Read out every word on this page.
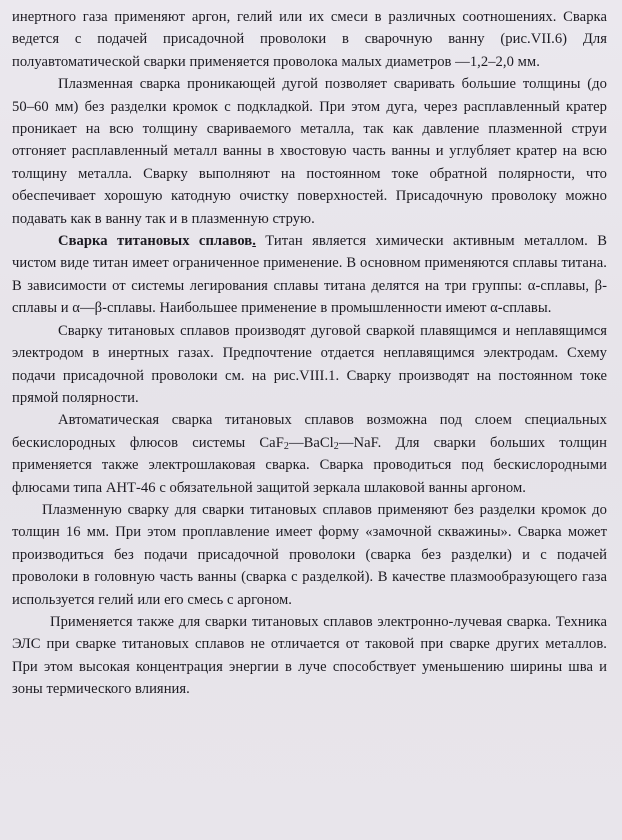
инертного газа применяют аргон, гелий или их смеси в различных соотношениях. Сварка ведется с подачей присадочной проволоки в сварочную ванну (рис.VII.6) Для полуавтоматической сварки применяется проволока малых диаметров —1,2–2,0 мм.

Плазменная сварка проникающей дугой позволяет сваривать большие толщины (до 50–60 мм) без разделки кромок с подкладкой. При этом дуга, через расплавленный кратер проникает на всю толщину свариваемого металла, так как давление плазменной струи отгоняет расплавленный металл ванны в хвостовую часть ванны и углубляет кратер на всю толщину металла. Сварку выполняют на постоянном токе обратной полярности, что обеспечивает хорошую катодную очистку поверхностей. Присадочную проволоку можно подавать как в ванну так и в плазменную струю.

Сварка титановых сплавов. Титан является химически активным металлом. В чистом виде титан имеет ограниченное применение. В основном применяются сплавы титана. В зависимости от системы легирования сплавы титана делятся на три группы: α-сплавы, β-сплавы и α—β-сплавы. Наибольшее применение в промышленности имеют α-сплавы.

Сварку титановых сплавов производят дуговой сваркой плавящимся и неплавящимся электродом в инертных газах. Предпочтение отдается неплавящимся электродам. Схему подачи присадочной проволоки см. на рис.VIII.1. Сварку производят на постоянном токе прямой полярности.

Автоматическая сварка титановых сплавов возможна под слоем специальных бескислородных флюсов системы CaF$_2$—BaCl$_2$—NaF. Для сварки больших толщин применяется также электрошлаковая сварка. Сварка проводиться под бескислородными флюсами типа АНТ-46 с обязательной защитой зеркала шлаковой ванны аргоном.

Плазменную сварку для сварки титановых сплавов применяют без разделки кромок до толщин 16 мм. При этом проплавление имеет форму «замочной скважины». Сварка может производиться без подачи присадочной проволоки (сварка без разделки) и с подачей проволоки в головную часть ванны (сварка с разделкой). В качестве плазмообразующего газа используется гелий или его смесь с аргоном.

Применяется также для сварки титановых сплавов электронно-лучевая сварка. Техника ЭЛС при сварке титановых сплавов не отличается от таковой при сварке других металлов. При этом высокая концентрация энергии в луче способствует уменьшению ширины шва и зоны термического влияния.
